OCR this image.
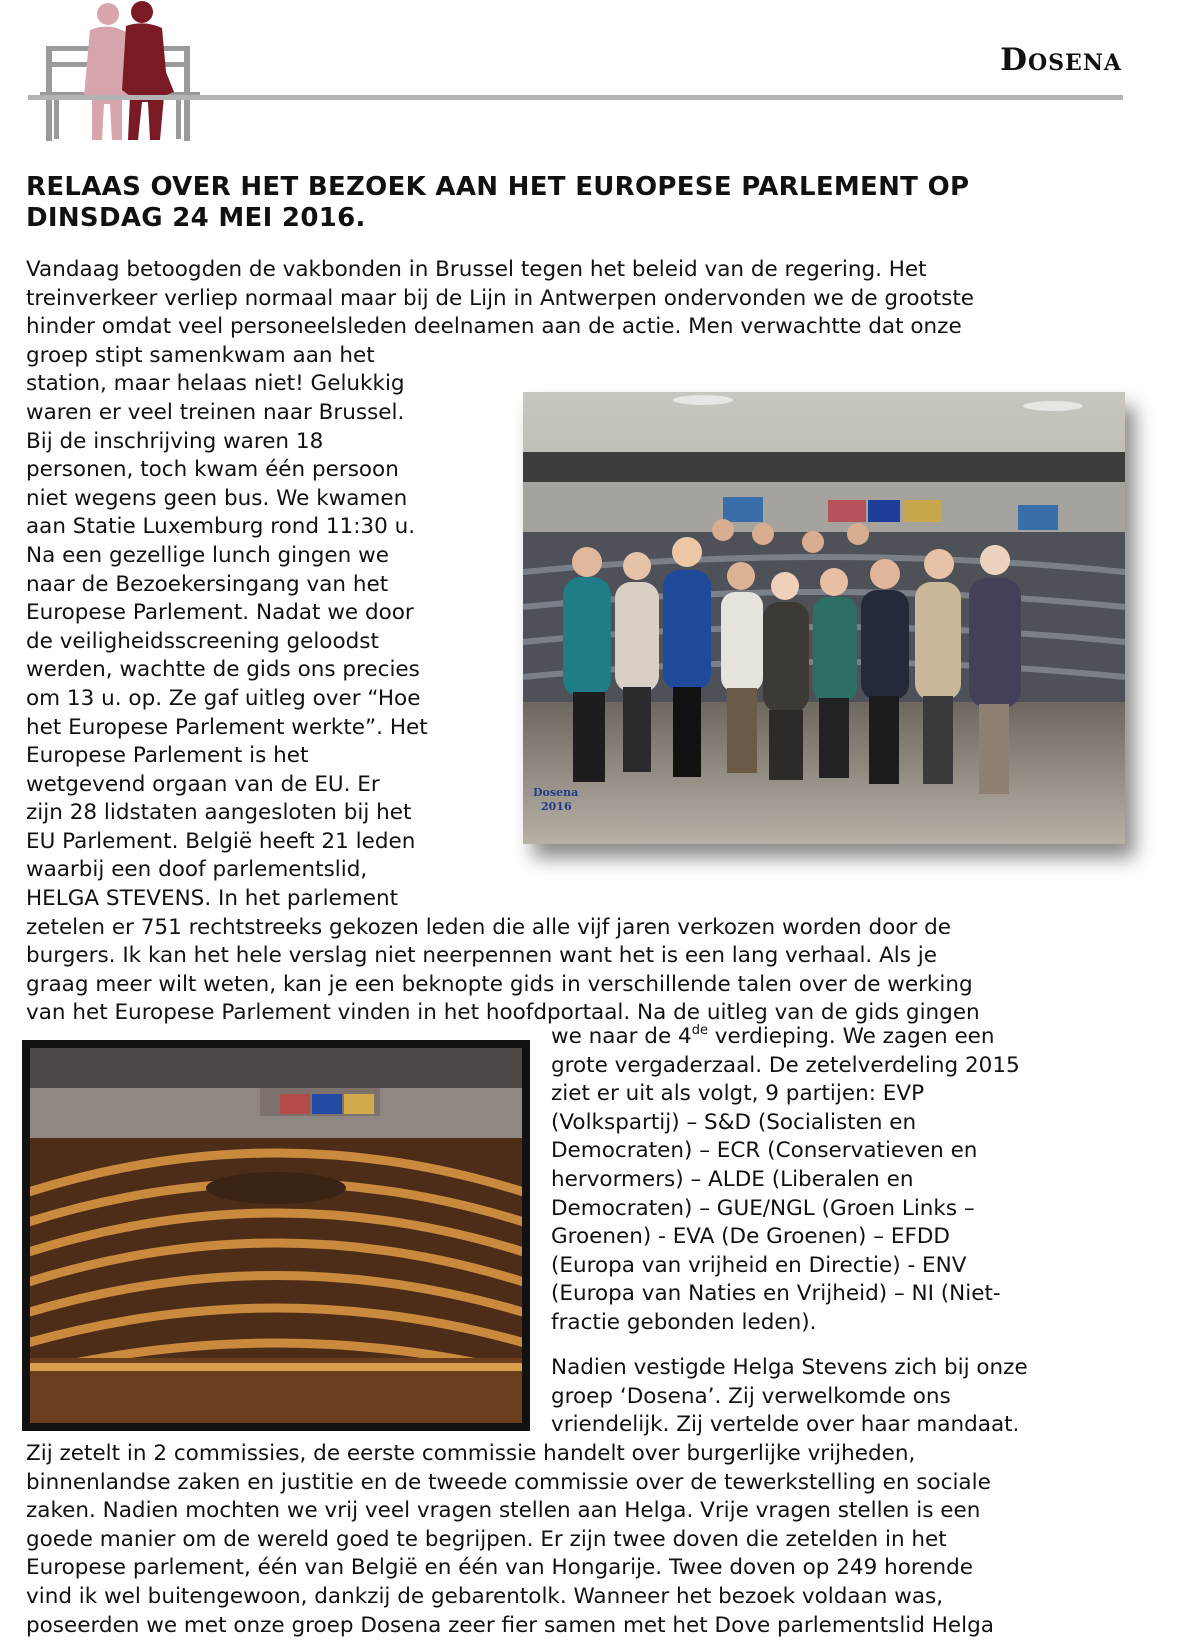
Dosena
RELAAS OVER HET BEZOEK AAN HET EUROPESE PARLEMENT OP
DINSDAG 24 MEI 2016.
Vandaag betoogden de vakbonden in Brussel tegen het beleid van de regering. Het
treinverkeer verliep normaal maar bij de Lijn in Antwerpen ondervonden we de grootste
hinder omdat veel personeelsleden deelnamen aan de actie. Men verwachtte dat onze
groep stipt samenkwam aan het
station, maar helaas niet! Gelukkig
waren er veel treinen naar Brussel.
Bij de inschrijving waren 18
personen, toch kwam één persoon
niet wegens geen bus. We kwamen
aan Statie Luxemburg rond 11:30 u.
Na een gezellige lunch gingen we
naar de Bezoekersingang van het
Europese Parlement. Nadat we door
de veiligheidsscreening geloodst
werden, wachtte de gids ons precies
om 13 u. op. Ze gaf uitleg over “Hoe
het Europese Parlement werkte”. Het
Europese Parlement is het
wetgevend orgaan van de EU. Er
zijn 28 lidstaten aangesloten bij het
EU Parlement. België heeft 21 leden
waarbij een doof parlementslid,
HELGA STEVENS. In het parlement
zetelen er 751 rechtstreeks gekozen leden die alle vijf jaren verkozen worden door de
burgers. Ik kan het hele verslag niet neerpennen want het is een lang verhaal. Als je
graag meer wilt weten, kan je een beknopte gids in verschillende talen over de werking
van het Europese Parlement vinden in het hoofdportaal. Na de uitleg van de gids gingen
Dosena
2016
we naar de 4de verdieping. We zagen een
grote vergaderzaal. De zetelverdeling 2015
ziet er uit als volgt, 9 partijen: EVP
(Volkspartij) – S&D (Socialisten en
Democraten) – ECR (Conservatieven en
hervormers) – ALDE (Liberalen en
Democraten) – GUE/NGL (Groen Links –
Groenen) - EVA (De Groenen) – EFDD
(Europa van vrijheid en Directie) - ENV
(Europa van Naties en Vrijheid) – NI (Niet-
fractie gebonden leden).
Nadien vestigde Helga Stevens zich bij onze
groep ‘Dosena’. Zij verwelkomde ons
vriendelijk. Zij vertelde over haar mandaat.
Zij zetelt in 2 commissies, de eerste commissie handelt over burgerlijke vrijheden,
binnenlandse zaken en justitie en de tweede commissie over de tewerkstelling en sociale
zaken. Nadien mochten we vrij veel vragen stellen aan Helga. Vrije vragen stellen is een
goede manier om de wereld goed te begrijpen. Er zijn twee doven die zetelden in het
Europese parlement, één van België en één van Hongarije. Twee doven op 249 horende
vind ik wel buitengewoon, dankzij de gebarentolk. Wanneer het bezoek voldaan was,
poseerden we met onze groep Dosena zeer fier samen met het Dove parlementslid Helga
